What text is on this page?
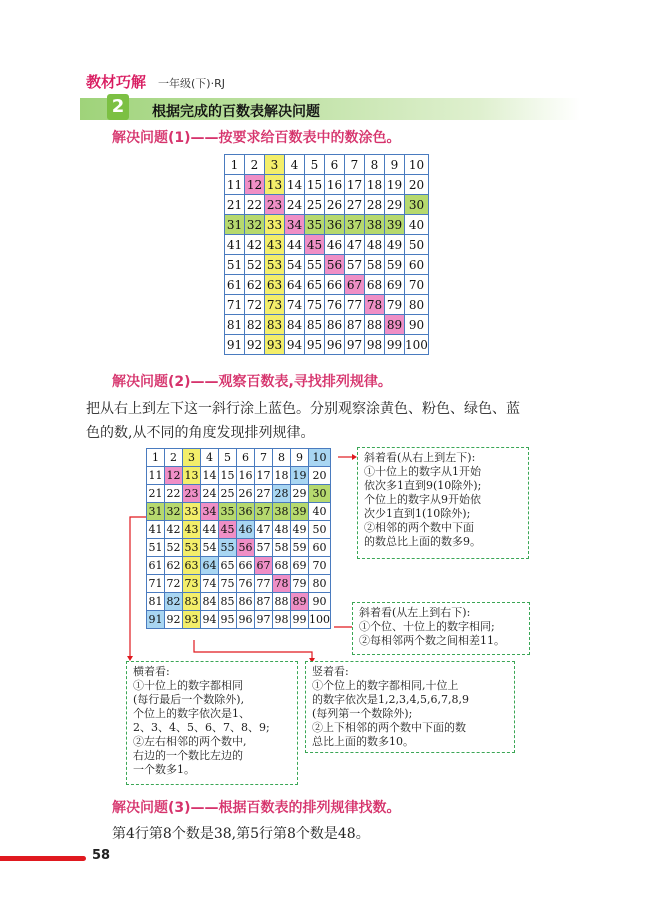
教材巧解 一年级(下)·RJ
2	根据完成的百数表解决问题
解决问题(1)——按要求给百数表中的数涂色。
1	2	3	4	5	6	7	8	9	10
11	12	13	14	15	16	17	18	19	20
21	22	23	24	25	26	27	28	29	30
31	32	33	34	35	36	37	38	39	40
41	42	43	44	45	46	47	48	49	50
51	52	53	54	55	56	57	58	59	60
61	62	63	64	65	66	67	68	69	70
71	72	73	74	75	76	77	78	79	80
81	82	83	84	85	86	87	88	89	90
91	92	93	94	95	96	97	98	99	100
解决问题(2)——观察百数表,寻找排列规律。
把从右上到左下这一斜行涂上蓝色。分别观察涂黄色、粉色、绿色、蓝
色的数,从不同的角度发现排列规律。
1	2	3	4	5	6	7	8	9	10
11	12	13	14	15	16	17	18	19	20
21	22	23	24	25	26	27	28	29	30
31	32	33	34	35	36	37	38	39	40
41	42	43	44	45	46	47	48	49	50
51	52	53	54	55	56	57	58	59	60
61	62	63	64	65	66	67	68	69	70
71	72	73	74	75	76	77	78	79	80
81	82	83	84	85	86	87	88	89	90
91	92	93	94	95	96	97	98	99	100
斜着看(从右上到左下):
①十位上的数字从1开始
依次多1直到9(10除外);
个位上的数字从9开始依
次少1直到1(10除外);
②相邻的两个数中下面
的数总比上面的数多9。
斜着看(从左上到右下):
①个位、十位上的数字相同;
②每相邻两个数之间相差11。
横着看:
①十位上的数字都相同
(每行最后一个数除外),
个位上的数字依次是1、
2、3、4、5、6、7、8、9;
②左右相邻的两个数中,
右边的一个数比左边的
一个数多1。
竖着看:
①个位上的数字都相同,十位上
的数字依次是1,2,3,4,5,6,7,8,9
(每列第一个数除外);
②上下相邻的两个数中下面的数
总比上面的数多10。
解决问题(3)——根据百数表的排列规律找数。
第4行第8个数是38,第5行第8个数是48。
58
